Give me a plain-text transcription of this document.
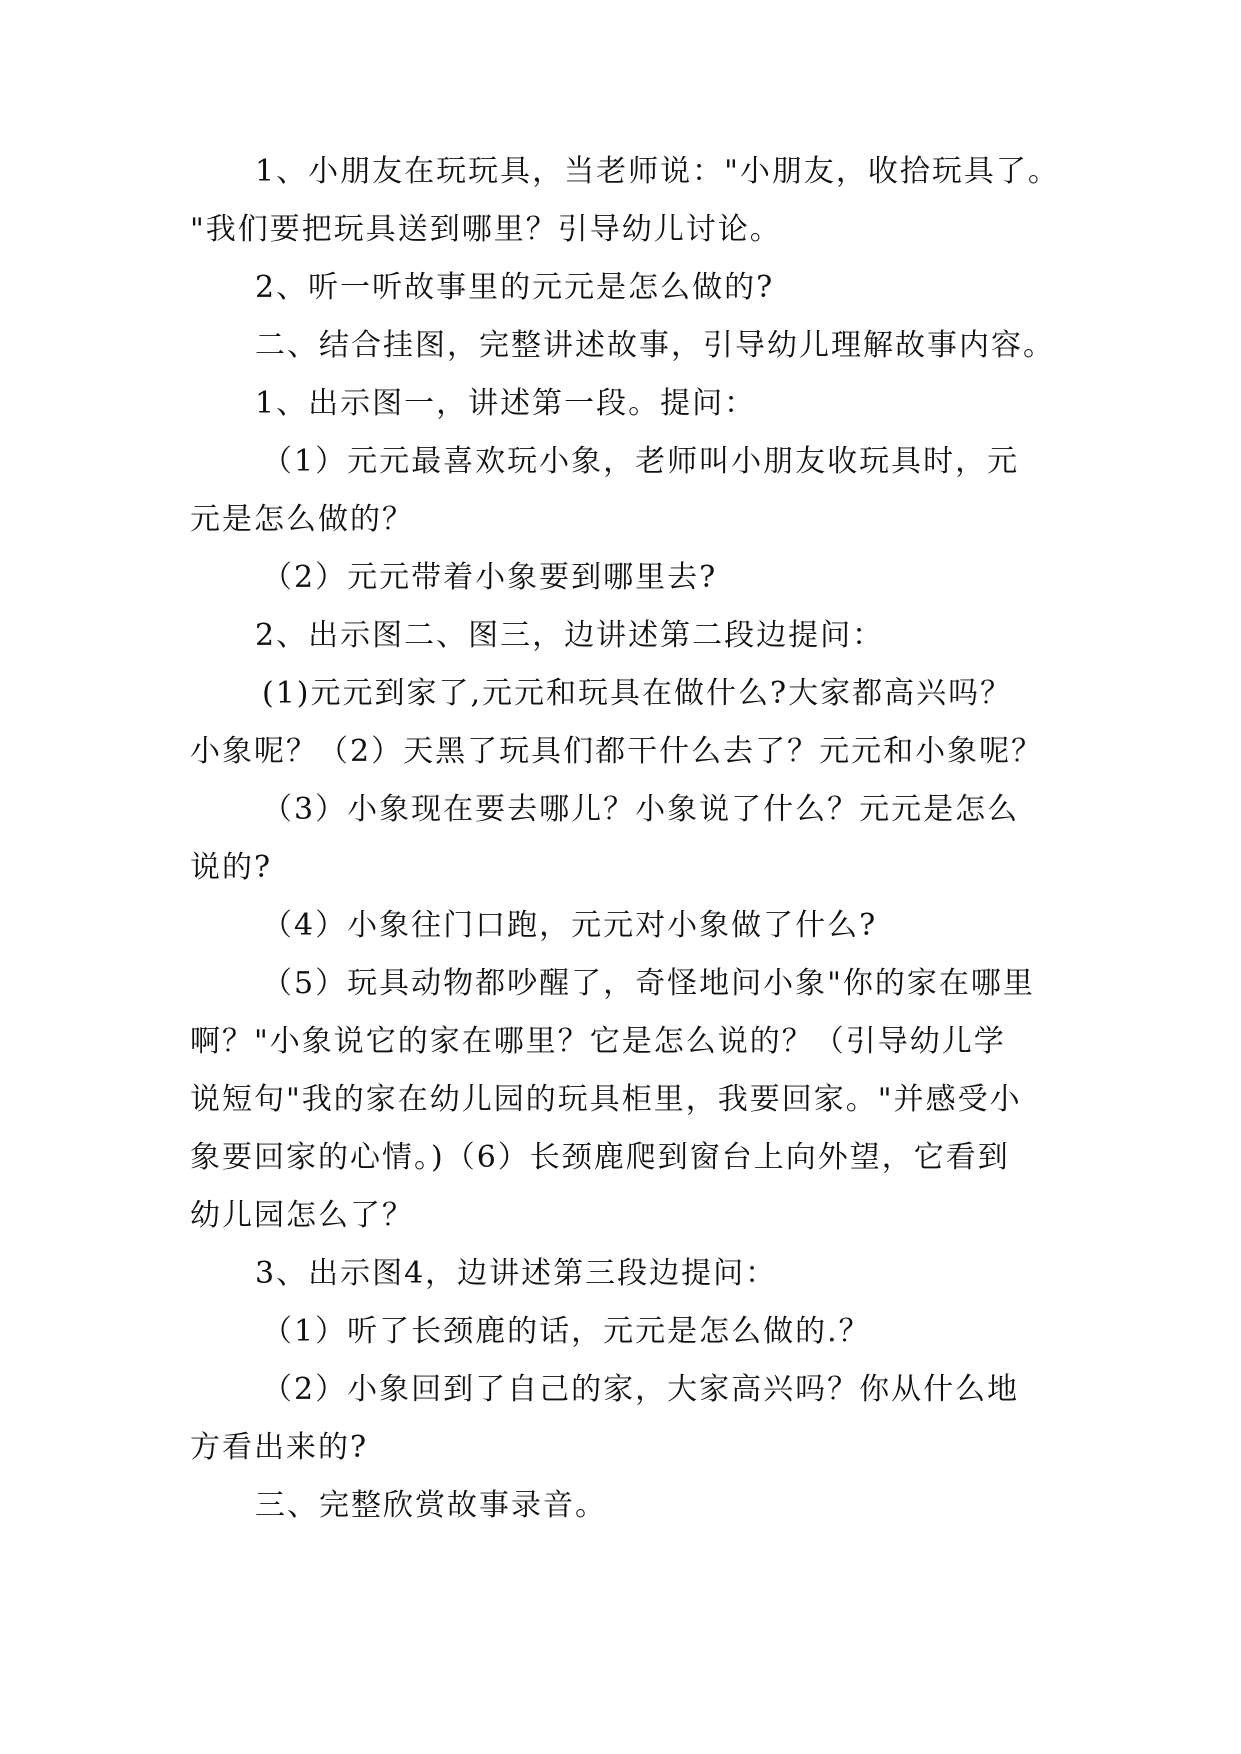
1、小朋友在玩玩具，当老师说："小朋友，收拾玩具了。
"我们要把玩具送到哪里？引导幼儿讨论。
2、听一听故事里的元元是怎么做的?
二、结合挂图，完整讲述故事，引导幼儿理解故事内容。
1、出示图一，讲述第一段。提问：
（1）元元最喜欢玩小象，老师叫小朋友收玩具时，元
元是怎么做的？
（2）元元带着小象要到哪里去?
2、出示图二、图三，边讲述第二段边提问：
(1)元元到家了,元元和玩具在做什么?大家都高兴吗？
小象呢？（2）天黑了玩具们都干什么去了？元元和小象呢？
（3）小象现在要去哪儿？小象说了什么？元元是怎么
说的?
（4）小象往门口跑，元元对小象做了什么?
（5）玩具动物都吵醒了，奇怪地问小象"你的家在哪里
啊？"小象说它的家在哪里？它是怎么说的？（引导幼儿学
说短句"我的家在幼儿园的玩具柜里，我要回家。"并感受小
象要回家的心情。)（6）长颈鹿爬到窗台上向外望，它看到
幼儿园怎么了？
3、出示图4，边讲述第三段边提问：
（1）听了长颈鹿的话，元元是怎么做的.？
（2）小象回到了自己的家，大家高兴吗？你从什么地
方看出来的?
三、完整欣赏故事录音。
